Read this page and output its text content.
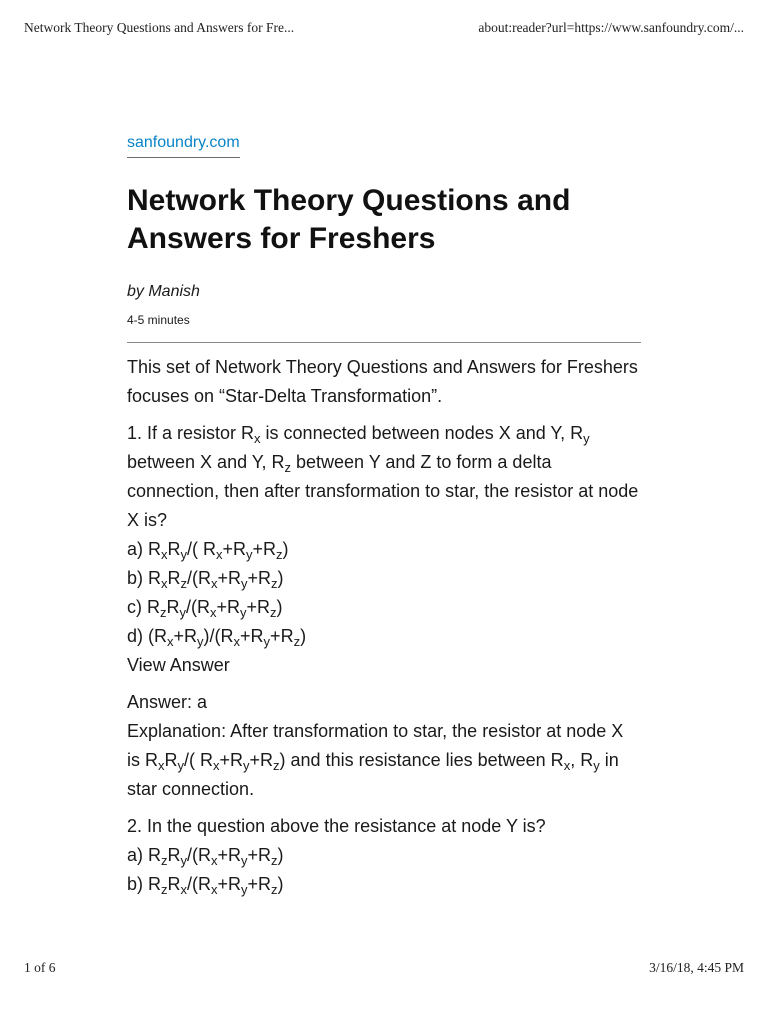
Network Theory Questions and Answers for Fre...	about:reader?url=https://www.sanfoundry.com/...
sanfoundry.com
Network Theory Questions and Answers for Freshers
by Manish
4-5 minutes

This set of Network Theory Questions and Answers for Freshers focuses on “Star-Delta Transformation”.

1. If a resistor $R_x$ is connected between nodes X and Y, $R_y$ between X and Y, $R_z$ between Y and Z to form a delta connection, then after transformation to star, the resistor at node X is?
a) $R_xR_y/$( $R_x+R_y+R_z$)
b) $R_xR_z/(R_x+R_y+R_z)$
c) $R_zR_y/(R_x+R_y+R_z)$
d) $(R_x+R_y)/(R_x+R_y+R_z)$
View Answer

Answer: a
Explanation: After transformation to star, the resistor at node X is $R_xR_y/$( $R_x+R_y+R_z$) and this resistance lies between $R_x$, $R_y$ in star connection.

2. In the question above the resistance at node Y is?
a) $R_zR_y/(R_x+R_y+R_z)$
b) $R_zR_x/(R_x+R_y+R_z)$

1 of 6	3/16/18, 4:45 PM
